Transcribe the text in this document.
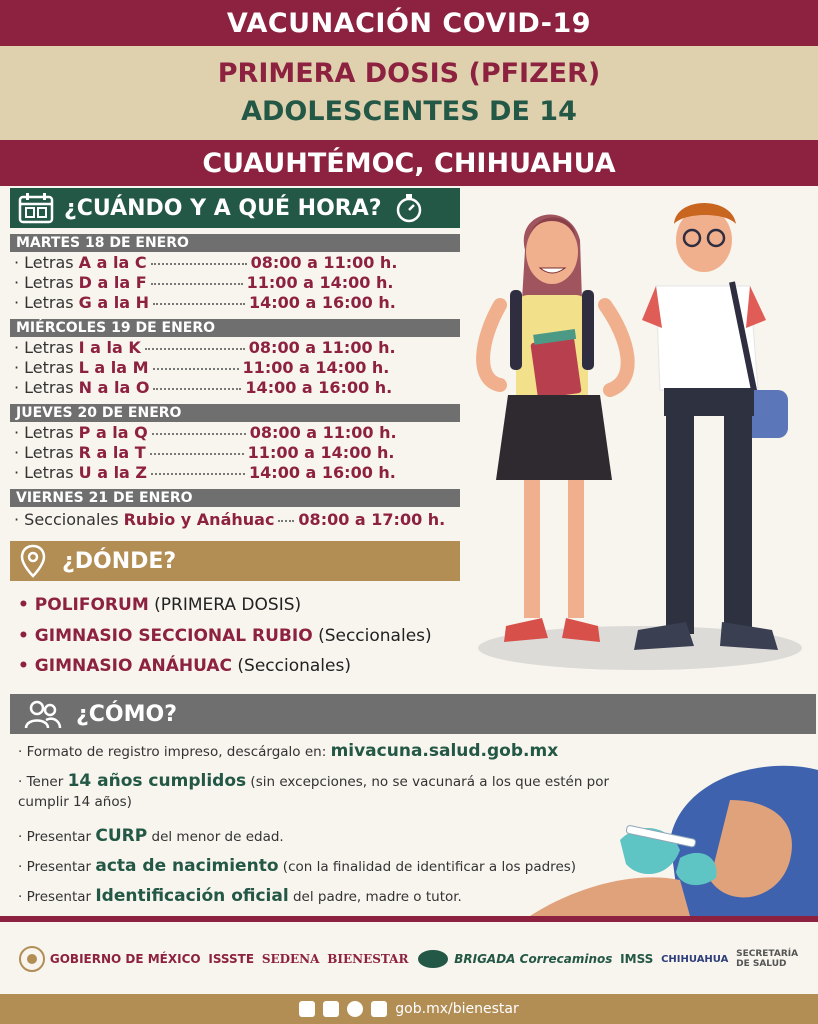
VACUNACIÓN COVID-19
PRIMERA DOSIS (PFIZER)
ADOLESCENTES DE 14
CUAUHTÉMOC, CHIHUAHUA
¿CUÁNDO Y A QUÉ HORA?
MARTES 18 DE ENERO
· Letras A a la C	08:00 a 11:00 h.
· Letras D a la F	11:00 a 14:00 h.
· Letras G a la H	14:00 a 16:00 h.
MIÉRCOLES 19 DE ENERO
· Letras I a la K	08:00 a 11:00 h.
· Letras L a la M	11:00 a 14:00 h.
· Letras N a la O	14:00 a 16:00 h.
JUEVES 20 DE ENERO
· Letras P a la Q	08:00 a 11:00 h.
· Letras R a la T	11:00 a 14:00 h.
· Letras U a la Z	14:00 a 16:00 h.
VIERNES 21 DE ENERO
· Seccionales Rubio y Anáhuac 08:00 a 17:00 h.
¿DÓNDE?
• POLIFORUM (PRIMERA DOSIS)
• GIMNASIO SECCIONAL RUBIO (Seccionales)
• GIMNASIO ANÁHUAC (Seccionales)
¿CÓMO?
· Formato de registro impreso, descárgalo en: mivacuna.salud.gob.mx
· Tener 14 años cumplidos (sin excepciones, no se vacunará a los que estén por cumplir 14 años)
· Presentar CURP del menor de edad.
· Presentar acta de nacimiento (con la finalidad de identificar a los padres)
· Presentar Identificación oficial del padre, madre o tutor.
GOBIERNO DE MÉXICO ISSSTE SEDENA BIENESTAR	BRIGADA Correcaminos IMSS CHIHUAHUA SECRETARÍA DE SALUD
gob.mx/bienestar
